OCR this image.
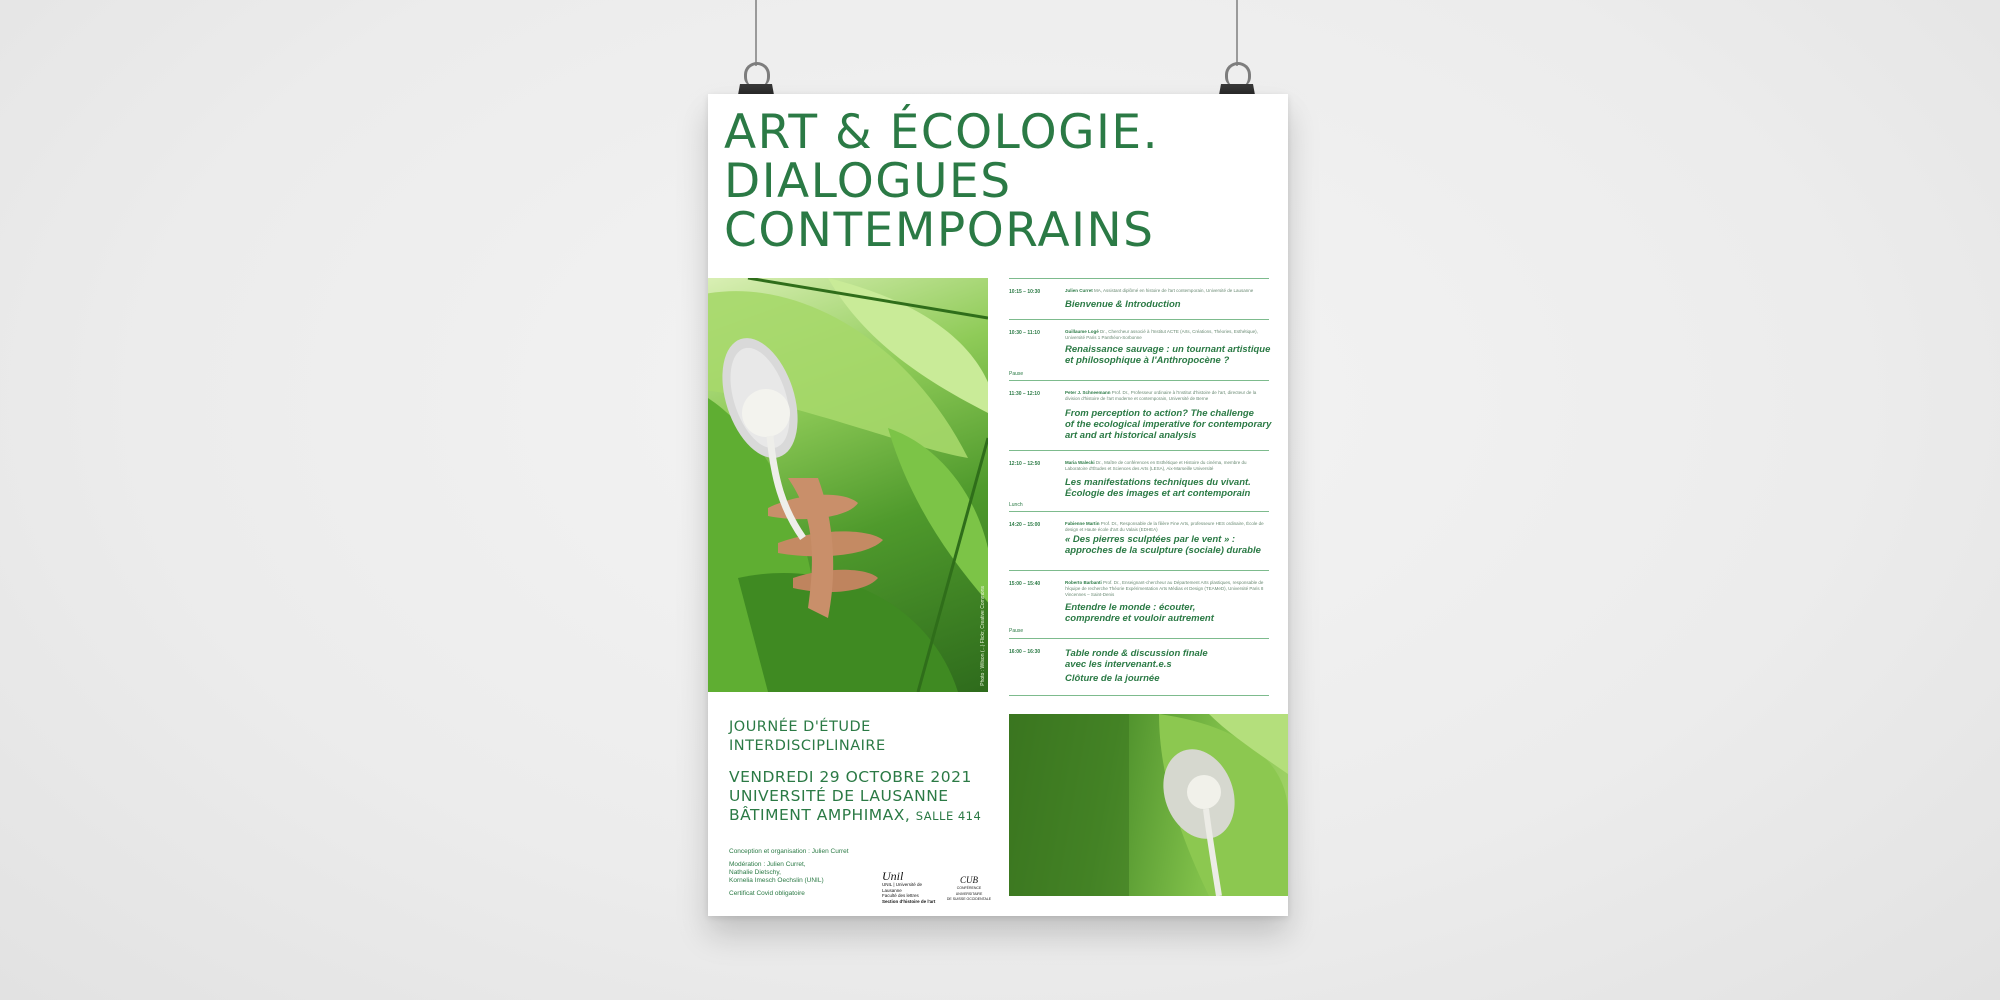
ART & ÉCOLOGIE.
DIALOGUES
CONTEMPORAINS
Photo : Wilson (...) Flickr, Creative Commons
10:15 – 10:30	Julien Curret MA, Assistant diplômé en histoire de l'art contemporain, Université de Lausanne
Bienvenue & Introduction
10:30 – 11:10	Guillaume Logé Dr., Chercheur associé à l'Institut ACTE (Arts, Créations, Théories, Esthétique), Université Paris 1 Panthéon-Sorbonne
Renaissance sauvage : un tournant artistique
et philosophique à l'Anthropocène ?
Pause
11:30 – 12:10	Peter J. Schneemann Prof. Dr., Professeur ordinaire à l'Institut d'histoire de l'art, directeur de la division d'histoire de l'art moderne et contemporain, Université de Berne
From perception to action? The challenge
of the ecological imperative for contemporary
art and art historical analysis
12:10 – 12:50	Maria Walecki Dr., Maître de conférences en Esthétique et Histoire du cinéma, membre du Laboratoire d'Études et Sciences des Arts (LESA), Aix-Marseille Université
Les manifestations techniques du vivant.
Écologie des images et art contemporain
Lunch
14:20 – 15:00	Fabienne Martin Prof. Dr., Responsable de la filière Fine Arts, professeure HES ordinaire, École de design et Haute école d'art du Valais (EDHEA)
« Des pierres sculptées par le vent » :
approches de la sculpture (sociale) durable
15:00 – 15:40	Roberto Barbanti Prof. Dr., Enseignant-chercheur au Département Arts plastiques, responsable de l'équipe de recherche Théorie Expérimentation Arts Médias et Design (TEAMeD), Université Paris 8 Vincennes – Saint-Denis
Entendre le monde : écouter,
comprendre et vouloir autrement
Pause
16:00 – 16:30	Table ronde & discussion finale
avec les intervenant.e.s
Clôture de la journée
JOURNÉE D'ÉTUDE
INTERDISCIPLINAIRE
VENDREDI 29 OCTOBRE 2021
UNIVERSITÉ DE LAUSANNE
BÂTIMENT AMPHIMAX, SALLE 414

Conception et organisation : Julien Curret

Modération : Julien Curret,
Nathalie Dietschy,
Kornelia Imesch Oechslin (UNIL)

Certificat Covid obligatoire

Unil
UNIL | Université de Lausanne
Faculté des lettres
Section d'histoire de l'art
CUB
CONFÉRENCE UNIVERSITAIRE
DE SUISSE OCCIDENTALE
